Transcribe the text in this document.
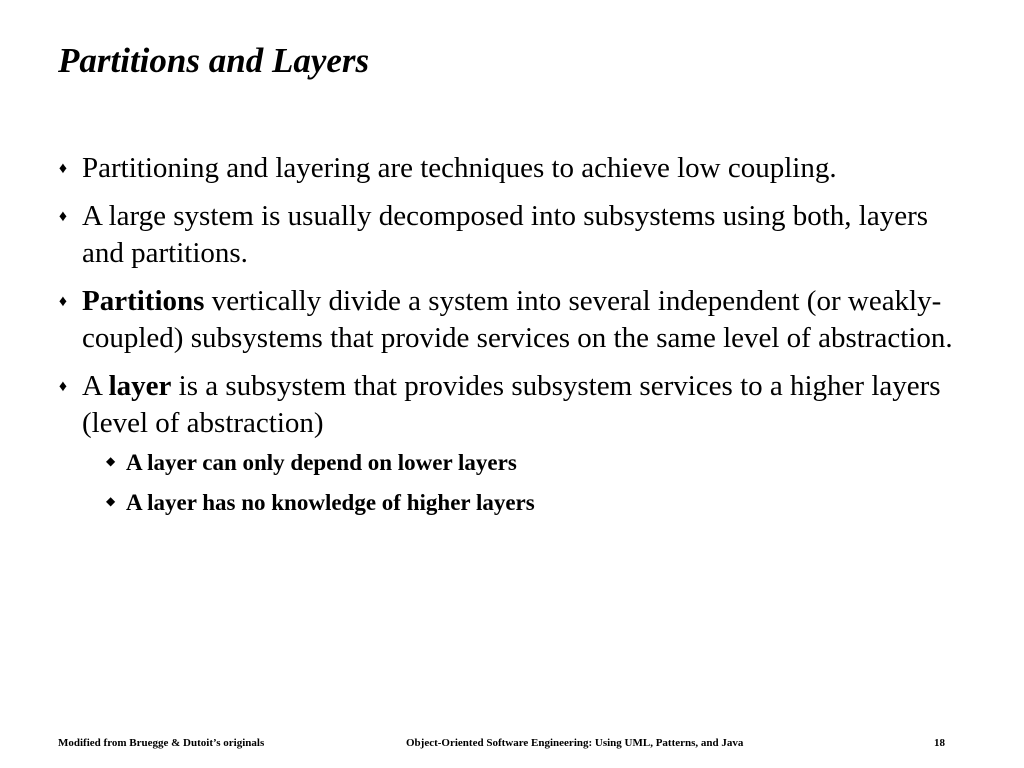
Partitions and Layers
♦ Partitioning and layering are techniques to achieve low coupling.
♦ A large system is usually decomposed into subsystems using both, layers and partitions.
♦ Partitions vertically divide a system into several independent (or weakly-coupled) subsystems that provide services on the same level of abstraction.
♦ A layer is a subsystem that provides subsystem services to a higher layers (level of abstraction)
◆ A layer can only depend on lower layers
◆ A layer has no knowledge of higher layers
Modified from Bruegge & Dutoit’s originals	Object-Oriented Software Engineering: Using UML, Patterns, and Java	18
